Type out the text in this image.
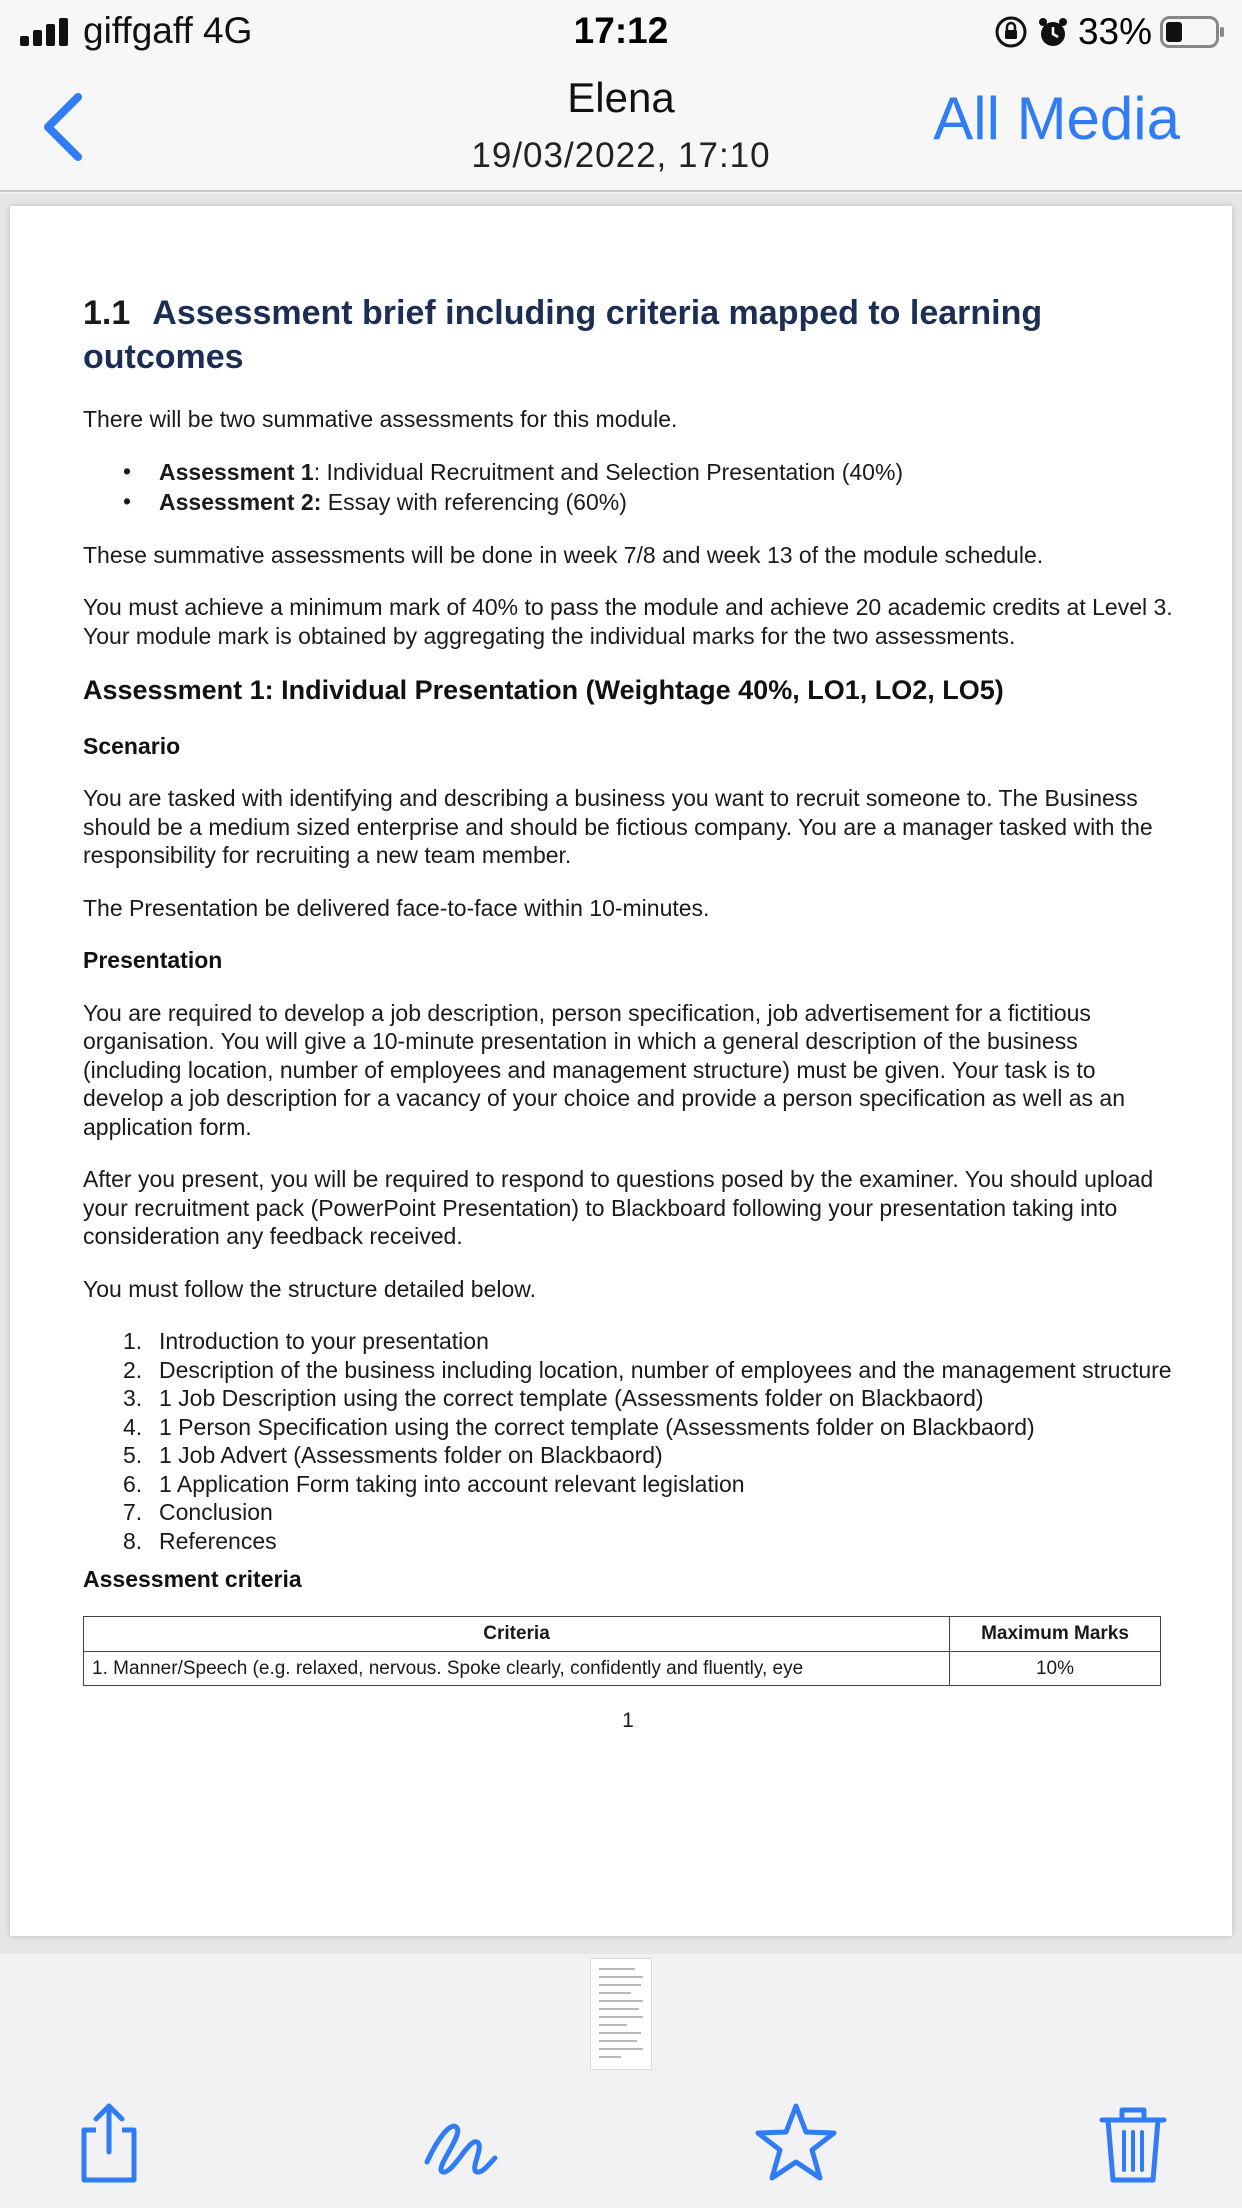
giffgaff 4G	17:12	33%
Elena
19/03/2022, 17:10
All Media
1.1 Assessment brief including criteria mapped to learning outcomes

There will be two summative assessments for this module.

• Assessment 1: Individual Recruitment and Selection Presentation (40%)
• Assessment 2: Essay with referencing (60%)

These summative assessments will be done in week 7/8 and week 13 of the module schedule.

You must achieve a minimum mark of 40% to pass the module and achieve 20 academic credits at Level 3. Your module mark is obtained by aggregating the individual marks for the two assessments.

Assessment 1: Individual Presentation (Weightage 40%, LO1, LO2, LO5)
Scenario

You are tasked with identifying and describing a business you want to recruit someone to. The Business should be a medium sized enterprise and should be fictious company. You are a manager tasked with the responsibility for recruiting a new team member.

The Presentation be delivered face-to-face within 10-minutes.

Presentation

You are required to develop a job description, person specification, job advertisement for a fictitious organisation. You will give a 10-minute presentation in which a general description of the business (including location, number of employees and management structure) must be given. Your task is to develop a job description for a vacancy of your choice and provide a person specification as well as an application form.

After you present, you will be required to respond to questions posed by the examiner. You should upload your recruitment pack (PowerPoint Presentation) to Blackboard following your presentation taking into consideration any feedback received.

You must follow the structure detailed below.

1. Introduction to your presentation
2. Description of the business including location, number of employees and the management structure
3. 1 Job Description using the correct template (Assessments folder on Blackbaord)
4. 1 Person Specification using the correct template (Assessments folder on Blackbaord)
5. 1 Job Advert (Assessments folder on Blackbaord)
6. 1 Application Form taking into account relevant legislation
7. Conclusion
8. References
Assessment criteria
Criteria	Maximum Marks
1. Manner/Speech (e.g. relaxed, nervous. Spoke clearly, confidently and fluently, eye	10%
1
